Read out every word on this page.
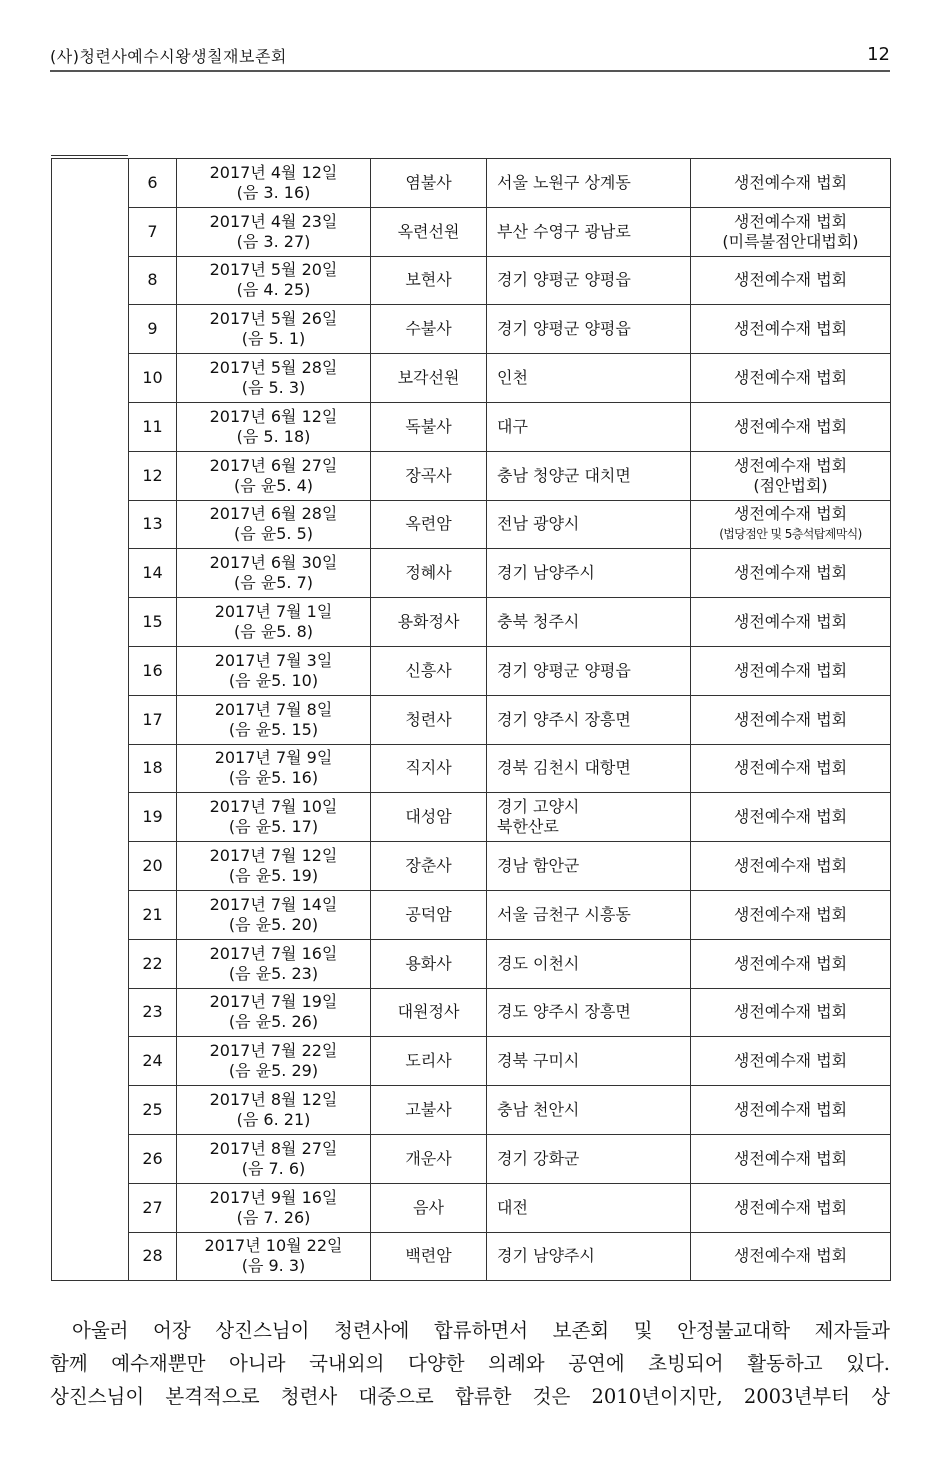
(사)청련사예수시왕생칠재보존회	12

	6	2017년 4월 12일
(음 3. 16)	염불사	서울 노원구 상계동	생전예수재 법회

	7	2017년 4월 23일
(음 3. 27)	옥련선원	부산 수영구 광남로	생전예수재 법회
(미륵불점안대법회)

	8	2017년 5월 20일
(음 4. 25)	보현사	경기 양평군 양평읍	생전예수재 법회

	9	2017년 5월 26일
(음 5. 1)	수불사	경기 양평군 양평읍	생전예수재 법회

	10	2017년 5월 28일
(음 5. 3)	보각선원	인천	생전예수재 법회

	11	2017년 6월 12일
(음 5. 18)	독불사	대구	생전예수재 법회

	12	2017년 6월 27일
(음 윤5. 4)	장곡사	충남 청양군 대치면	생전예수재 법회
(점안법회)

	13	2017년 6월 28일
(음 윤5. 5)	옥련암	전남 광양시	생전예수재 법회
(법당점안 및 5층석탑제막식)

	14	2017년 6월 30일
(음 윤5. 7)	정혜사	경기 남양주시	생전예수재 법회

	15	2017년 7월 1일
(음 윤5. 8)	용화정사	충북 청주시	생전예수재 법회

	16	2017년 7월 3일
(음 윤5. 10)	신흥사	경기 양평군 양평읍	생전예수재 법회

	17	2017년 7월 8일
(음 윤5. 15)	청련사	경기 양주시 장흥면	생전예수재 법회

	18	2017년 7월 9일
(음 윤5. 16)	직지사	경북 김천시 대항면	생전예수재 법회

	19	2017년 7월 10일
(음 윤5. 17)	대성암	경기 고양시
북한산로	생전예수재 법회

	20	2017년 7월 12일
(음 윤5. 19)	장춘사	경남 함안군	생전예수재 법회

	21	2017년 7월 14일
(음 윤5. 20)	공덕암	서울 금천구 시흥동	생전예수재 법회

	22	2017년 7월 16일
(음 윤5. 23)	용화사	경도 이천시	생전예수재 법회

	23	2017년 7월 19일
(음 윤5. 26)	대원정사	경도 양주시 장흥면	생전예수재 법회

	24	2017년 7월 22일
(음 윤5. 29)	도리사	경북 구미시	생전예수재 법회

	25	2017년 8월 12일
(음 6. 21)	고불사	충남 천안시	생전예수재 법회

	26	2017년 8월 27일
(음 7. 6)	개운사	경기 강화군	생전예수재 법회

	27	2017년 9월 16일
(음 7. 26)	음사	대전	생전예수재 법회

	28	2017년 10월 22일
(음 9. 3)	백련암	경기 남양주시	생전예수재 법회
아울러 어장 상진스님이 청련사에 합류하면서 보존회 및 안정불교대학 제자들과
함께 예수재뿐만 아니라 국내외의 다양한 의례와 공연에 초빙되어 활동하고 있다.
상진스님이 본격적으로 청련사 대중으로 합류한 것은 2010년이지만, 2003년부터 상
